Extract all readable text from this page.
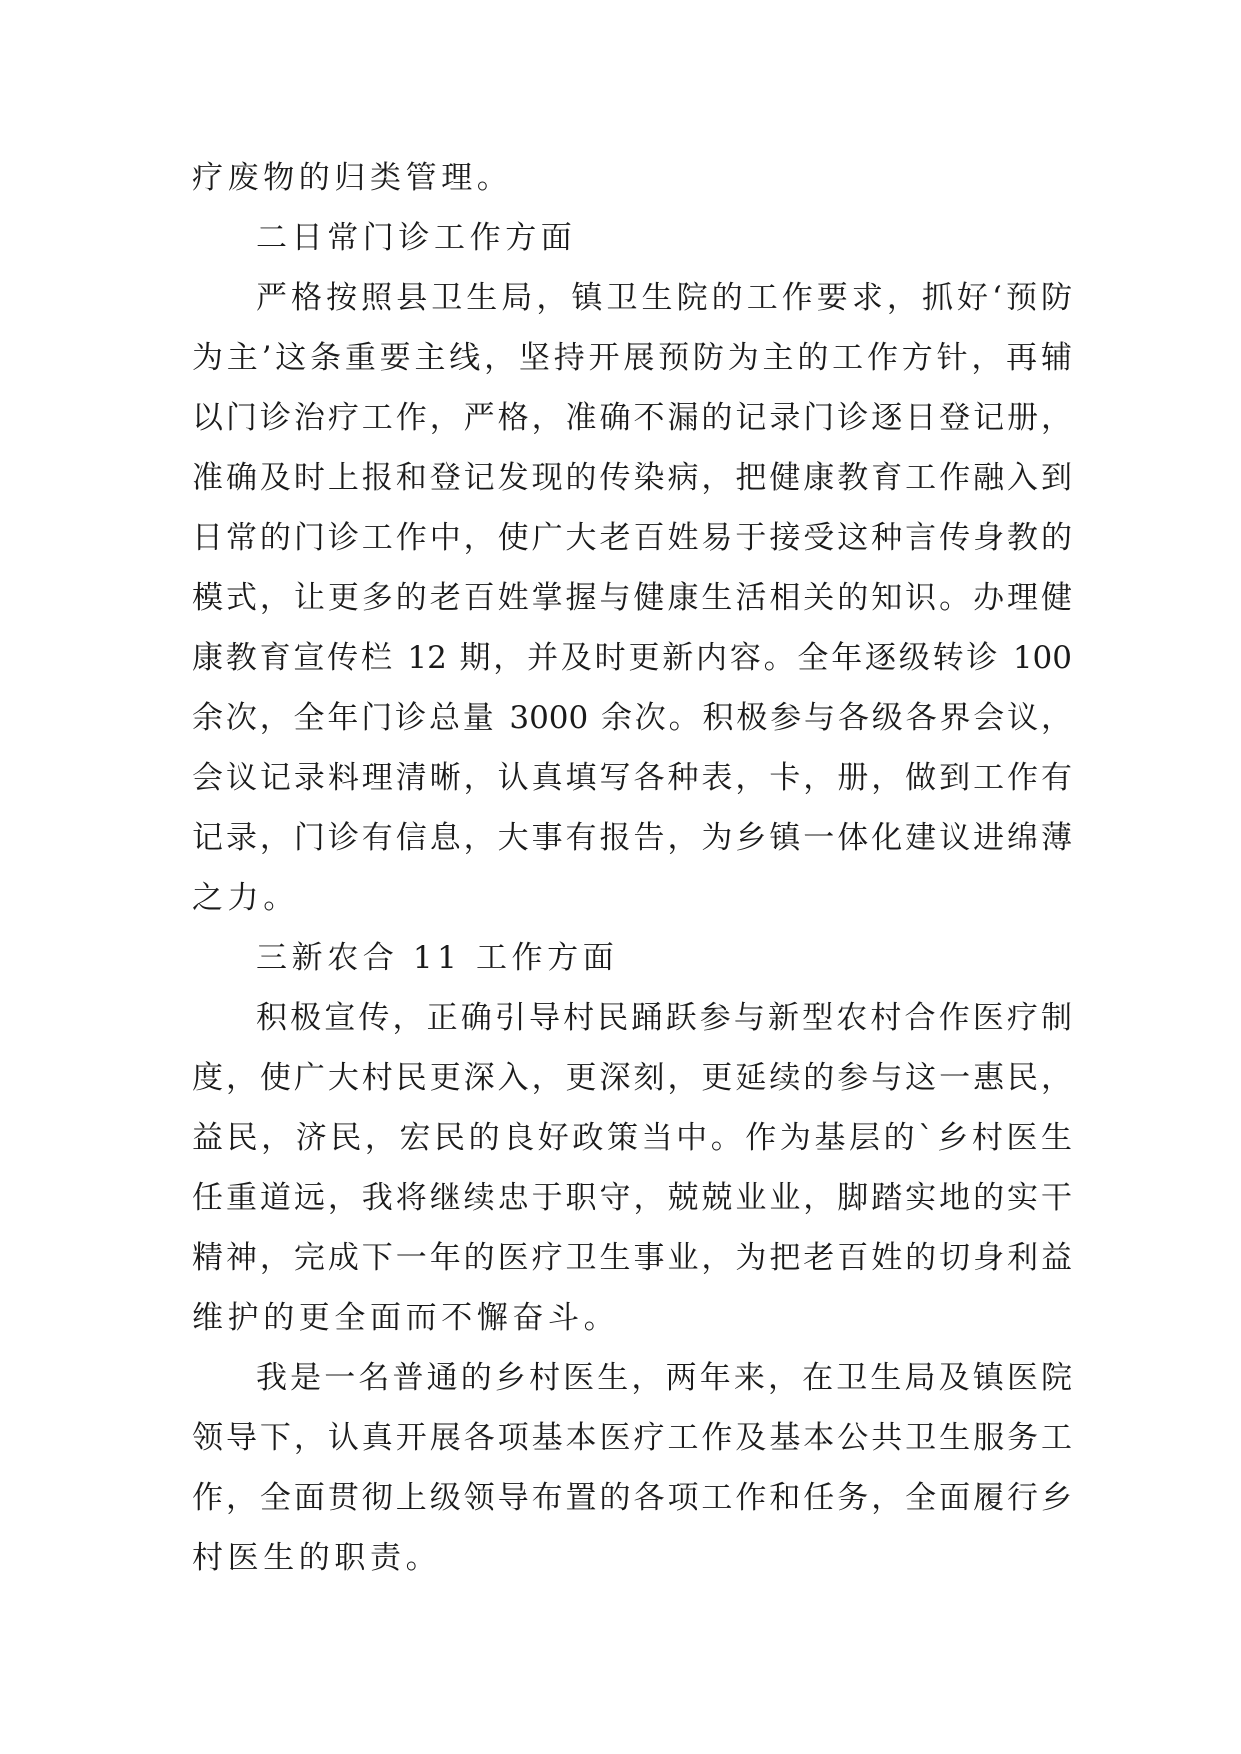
疗废物的归类管理。
二日常门诊工作方面
严格按照县卫生局，镇卫生院的工作要求，抓好‘预防
为主’这条重要主线，坚持开展预防为主的工作方针，再辅
以门诊治疗工作，严格，准确不漏的记录门诊逐日登记册，
准确及时上报和登记发现的传染病，把健康教育工作融入到
日常的门诊工作中，使广大老百姓易于接受这种言传身教的
模式，让更多的老百姓掌握与健康生活相关的知识。办理健
康教育宣传栏 12 期，并及时更新内容。全年逐级转诊 100
余次，全年门诊总量 3000 余次。积极参与各级各界会议，
会议记录料理清晰，认真填写各种表，卡，册，做到工作有
记录，门诊有信息，大事有报告，为乡镇一体化建议进绵薄
之力。
三新农合 11 工作方面
积极宣传，正确引导村民踊跃参与新型农村合作医疗制
度，使广大村民更深入，更深刻，更延续的参与这一惠民，
益民，济民，宏民的良好政策当中。作为基层的`乡村医生
任重道远，我将继续忠于职守，兢兢业业，脚踏实地的实干
精神，完成下一年的医疗卫生事业，为把老百姓的切身利益
维护的更全面而不懈奋斗。
我是一名普通的乡村医生，两年来，在卫生局及镇医院
领导下，认真开展各项基本医疗工作及基本公共卫生服务工
作，全面贯彻上级领导布置的各项工作和任务，全面履行乡
村医生的职责。
